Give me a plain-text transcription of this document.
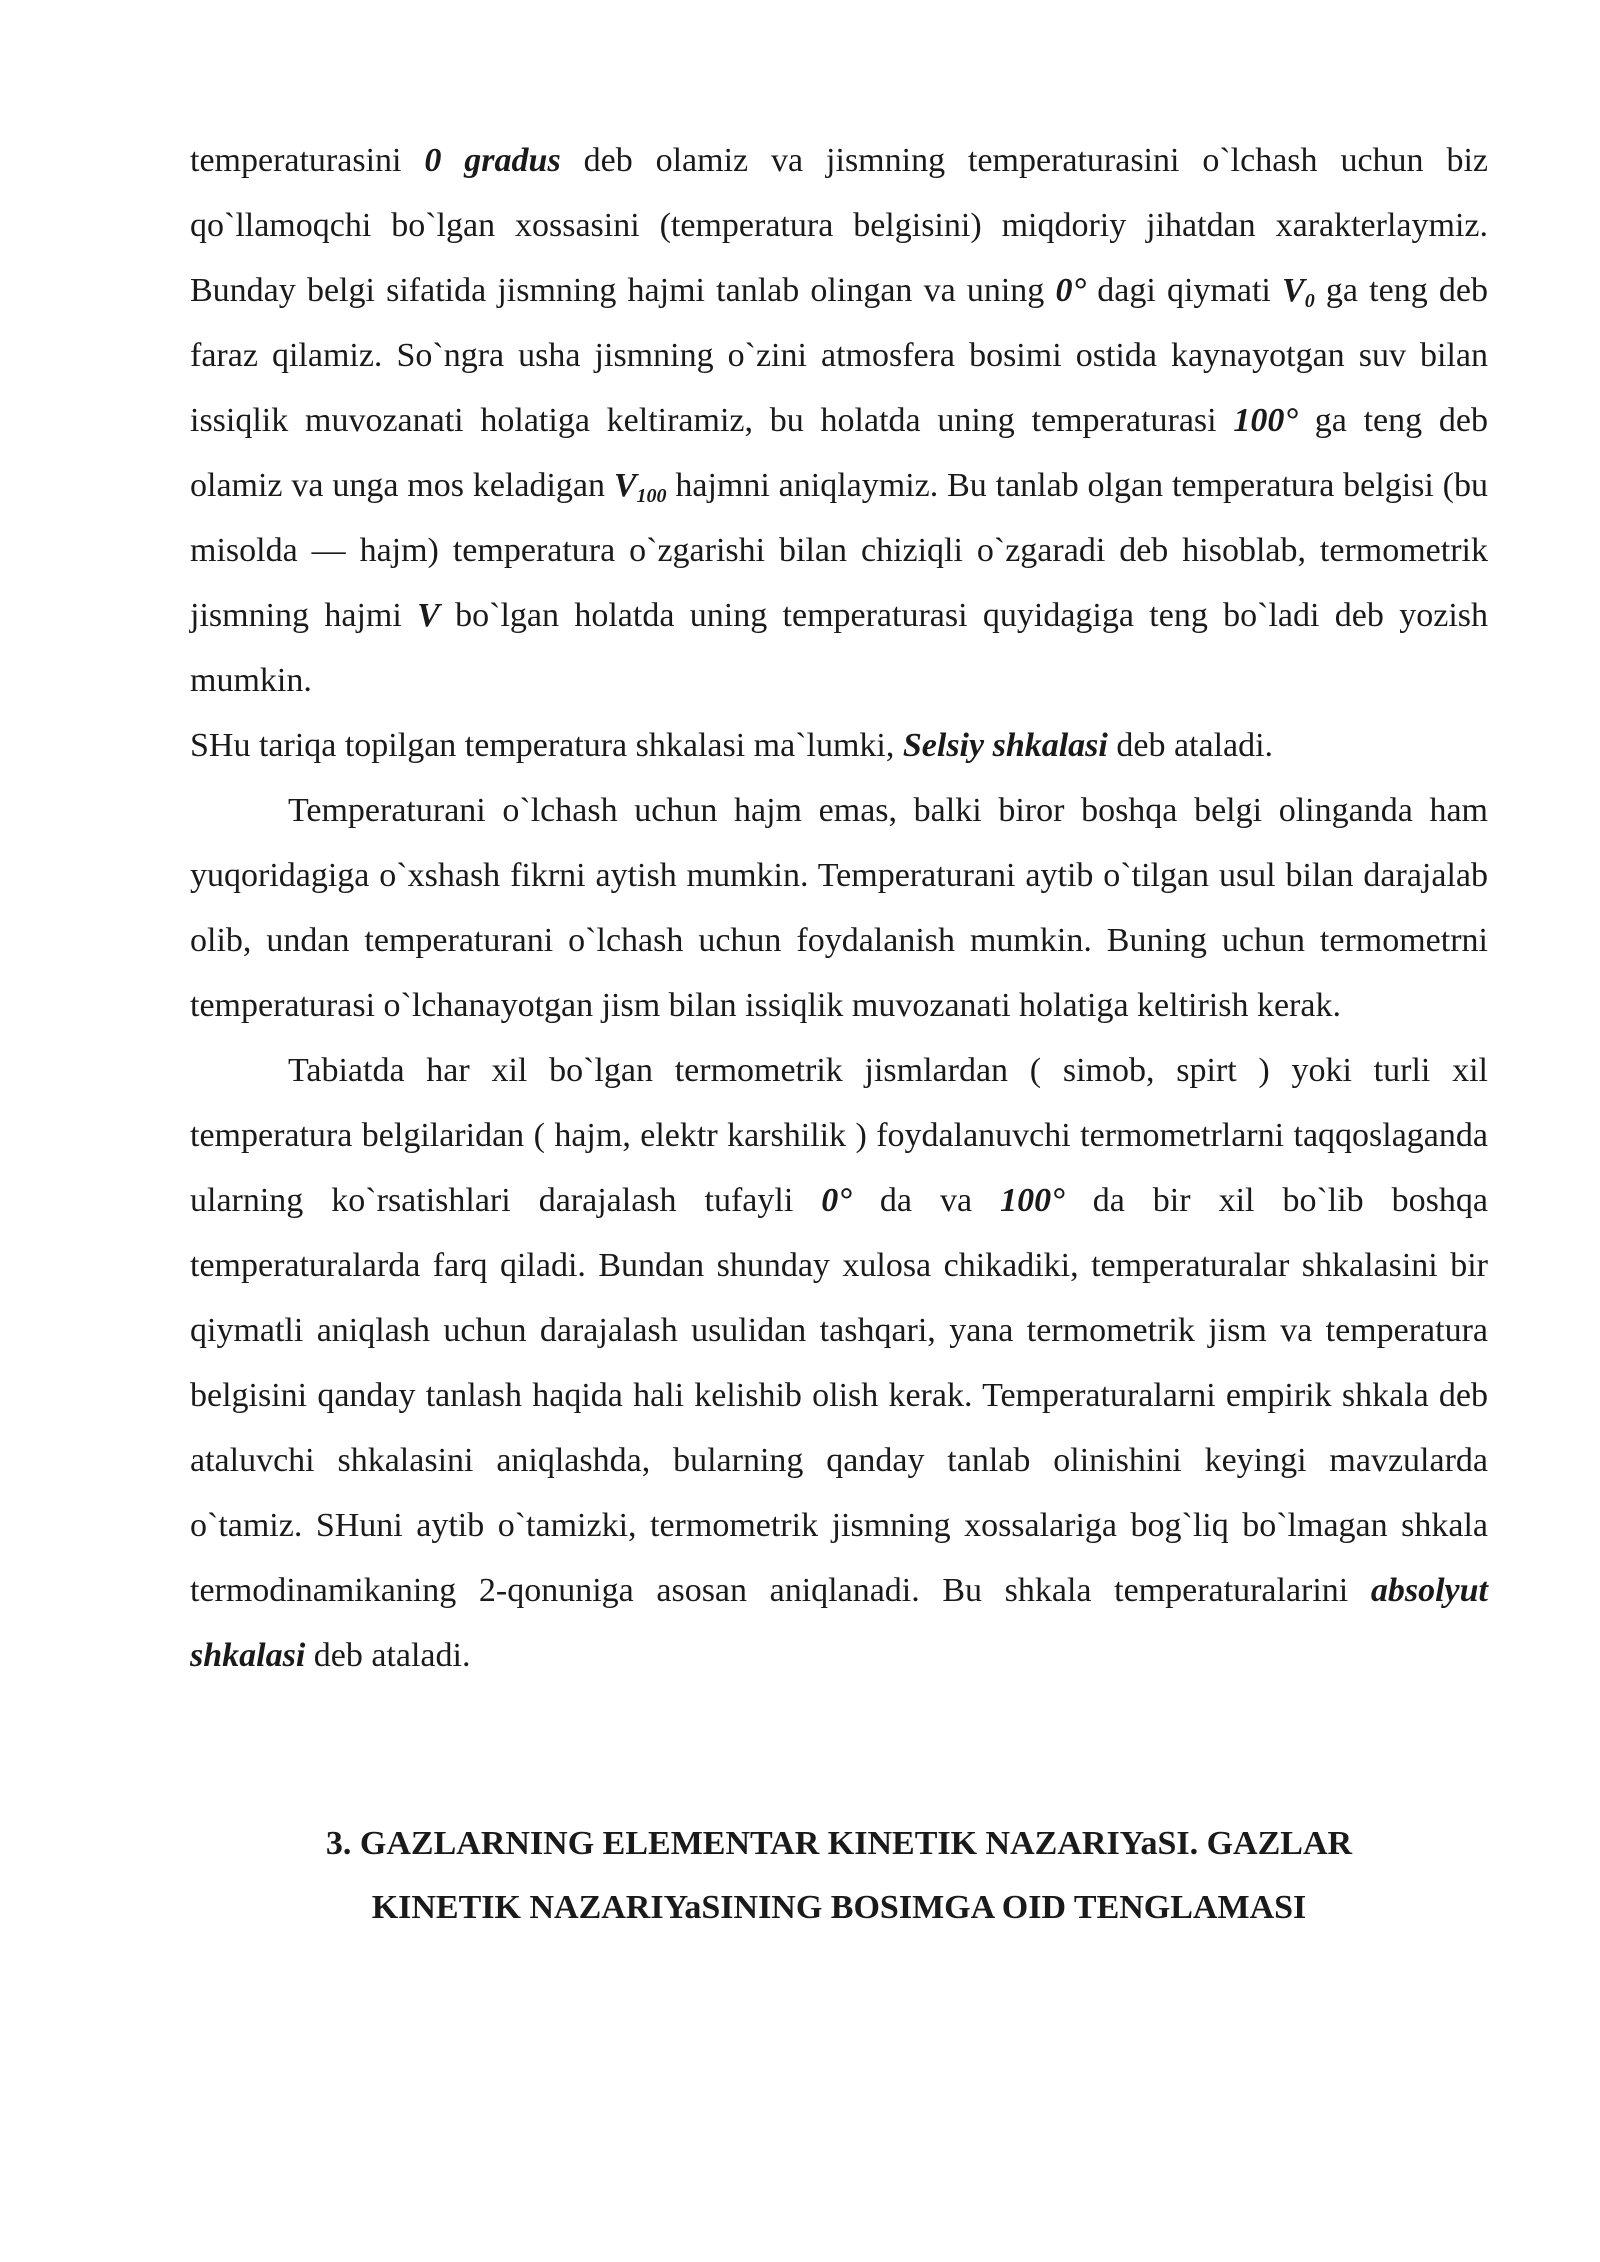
temperaturasini 0 gradus deb olamiz va jismning temperaturasini o`lchash uchun biz qo`llamoqchi bo`lgan xossasini (temperatura belgisini) miqdoriy jihatdan xarakterlaymiz. Bunday belgi sifatida jismning hajmi tanlab olingan va uning 0° dagi qiymati $V_0$ ga teng deb faraz qilamiz. So`ngra usha jismning o`zini atmosfera bosimi ostida kaynayotgan suv bilan issiqlik muvozanati holatiga keltiramiz, bu holatda uning temperaturasi 100° ga teng deb olamiz va unga mos keladigan $V_{100}$ hajmni aniqlaymiz. Bu tanlab olgan temperatura belgisi (bu misolda — hajm) temperatura o`zgarishi bilan chiziqli o`zgaradi deb hisoblab, termometrik jismning hajmi V bo`lgan holatda uning temperaturasi quyidagiga teng bo`ladi deb yozish mumkin.

SHu tariqa topilgan temperatura shkalasi ma`lumki, Selsiy shkalasi deb ataladi.

Temperaturani o`lchash uchun hajm emas, balki biror boshqa belgi olinganda ham yuqoridagiga o`xshash fikrni aytish mumkin. Temperaturani aytib o`tilgan usul bilan darajalab olib, undan temperaturani o`lchash uchun foydalanish mumkin. Buning uchun termometrni temperaturasi o`lchanayotgan jism bilan issiqlik muvozanati holatiga keltirish kerak.

Tabiatda har xil bo`lgan termometrik jismlardan ( simob, spirt ) yoki turli xil temperatura belgilaridan ( hajm, elektr karshilik ) foydalanuvchi termometrlarni taqqoslaganda ularning ko`rsatishlari darajalash tufayli 0° da va 100° da bir xil bo`lib boshqa temperaturalarda farq qiladi. Bundan shunday xulosa chikadiki, temperaturalar shkalasini bir qiymatli aniqlash uchun darajalash usulidan tashqari, yana termometrik jism va temperatura belgisini qanday tanlash haqida hali kelishib olish kerak. Temperaturalarni empirik shkala deb ataluvchi shkalasini aniqlashda, bularning qanday tanlab olinishini keyingi mavzularda o`tamiz. SHuni aytib o`tamizki, termometrik jismning xossalariga bog`liq bo`lmagan shkala termodinamikaning 2-qonuniga asosan aniqlanadi. Bu shkala temperaturalarini absolyut shkalasi deb ataladi.

3. GAZLARNING ELEMENTAR KINETIK NAZARIYaSI. GAZLAR
KINETIK NAZARIYaSINING BOSIMGA OID TENGLAMASI
